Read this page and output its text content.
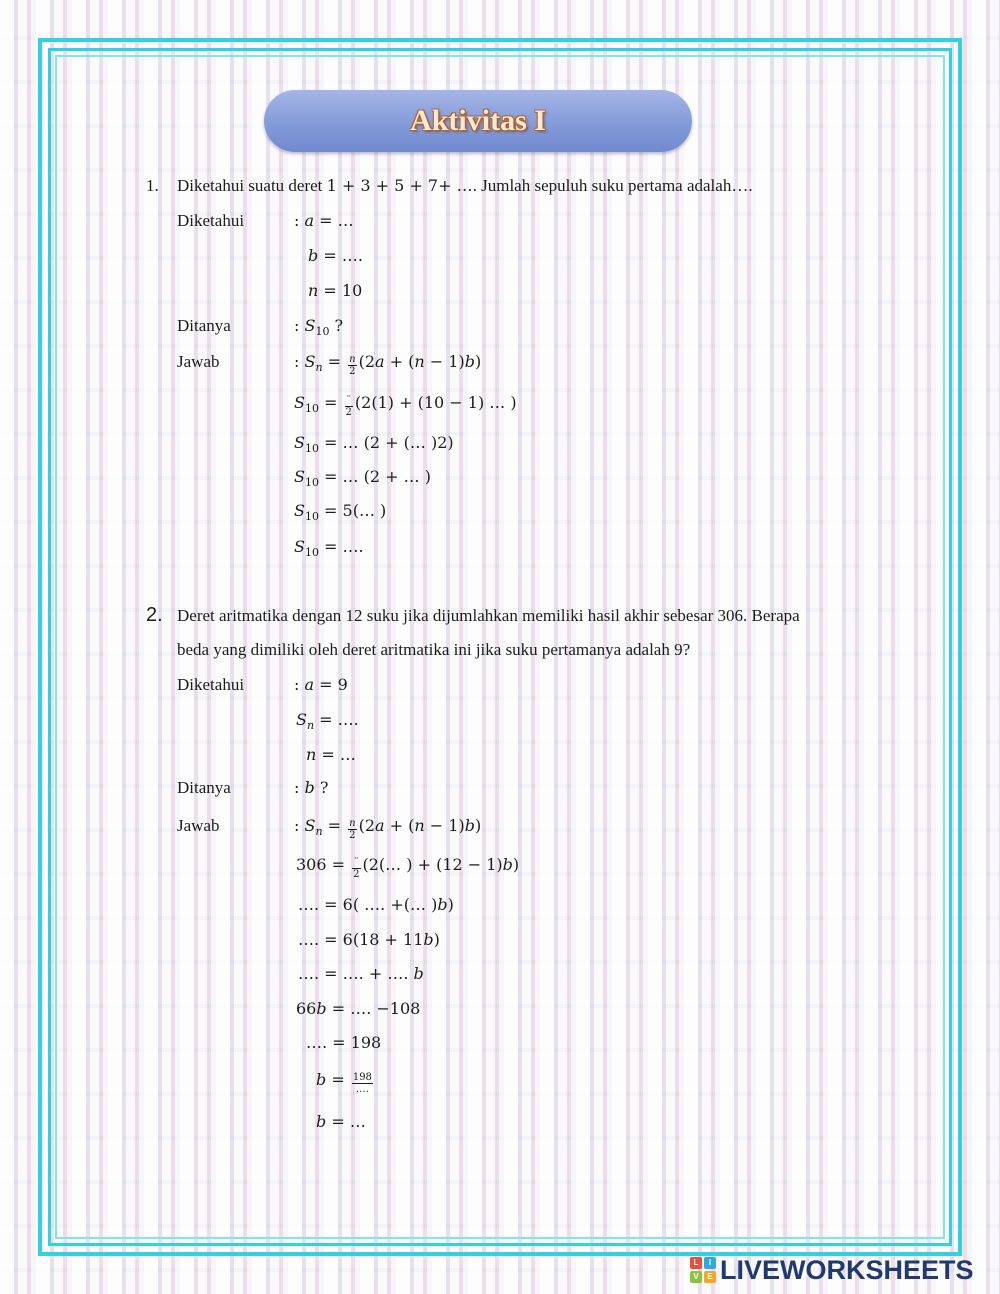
Aktivitas I
1. Diketahui suatu deret 1 + 3 + 5 + 7+ …. Jumlah sepuluh suku pertama adalah….
Diketahui	: a = …
b = ….
n = 10
Ditanya	: $S_{10}$ ?
Jawab	: $S_n = \frac{n}{2} (2a + (n - 1)b)$
$S_{10} = \frac{¨}{2} (2(1) + (10 - 1)$ … )
$S_{10}$ = … (2 + (… )2)
$S_{10}$ = … (2 + … )
$S_{10}$ = 5(… )
$S_{10}$ = ….
2. Deret aritmatika dengan 12 suku jika dijumlahkan memiliki hasil akhir sebesar 306. Berapa
beda yang dimiliki oleh deret aritmatika ini jika suku pertamanya adalah 9?
Diketahui	: a = 9
$S_n$ = ….
n = …
Ditanya	: b ?
Jawab	: $S_n = \frac{n}{2} (2a + (n - 1)b)$
$306 = \frac{¨}{2}$ (2(… ) + (12 − 1)b)
…. = 6( …. +(… )b)
…. = 6(18 + 11b)
…. = …. + …. b
66b = …. −108
…. = 198
$b = \frac{198}{\dots.}$
b = …
L	I
V	E LIVEWORKSHEETS
